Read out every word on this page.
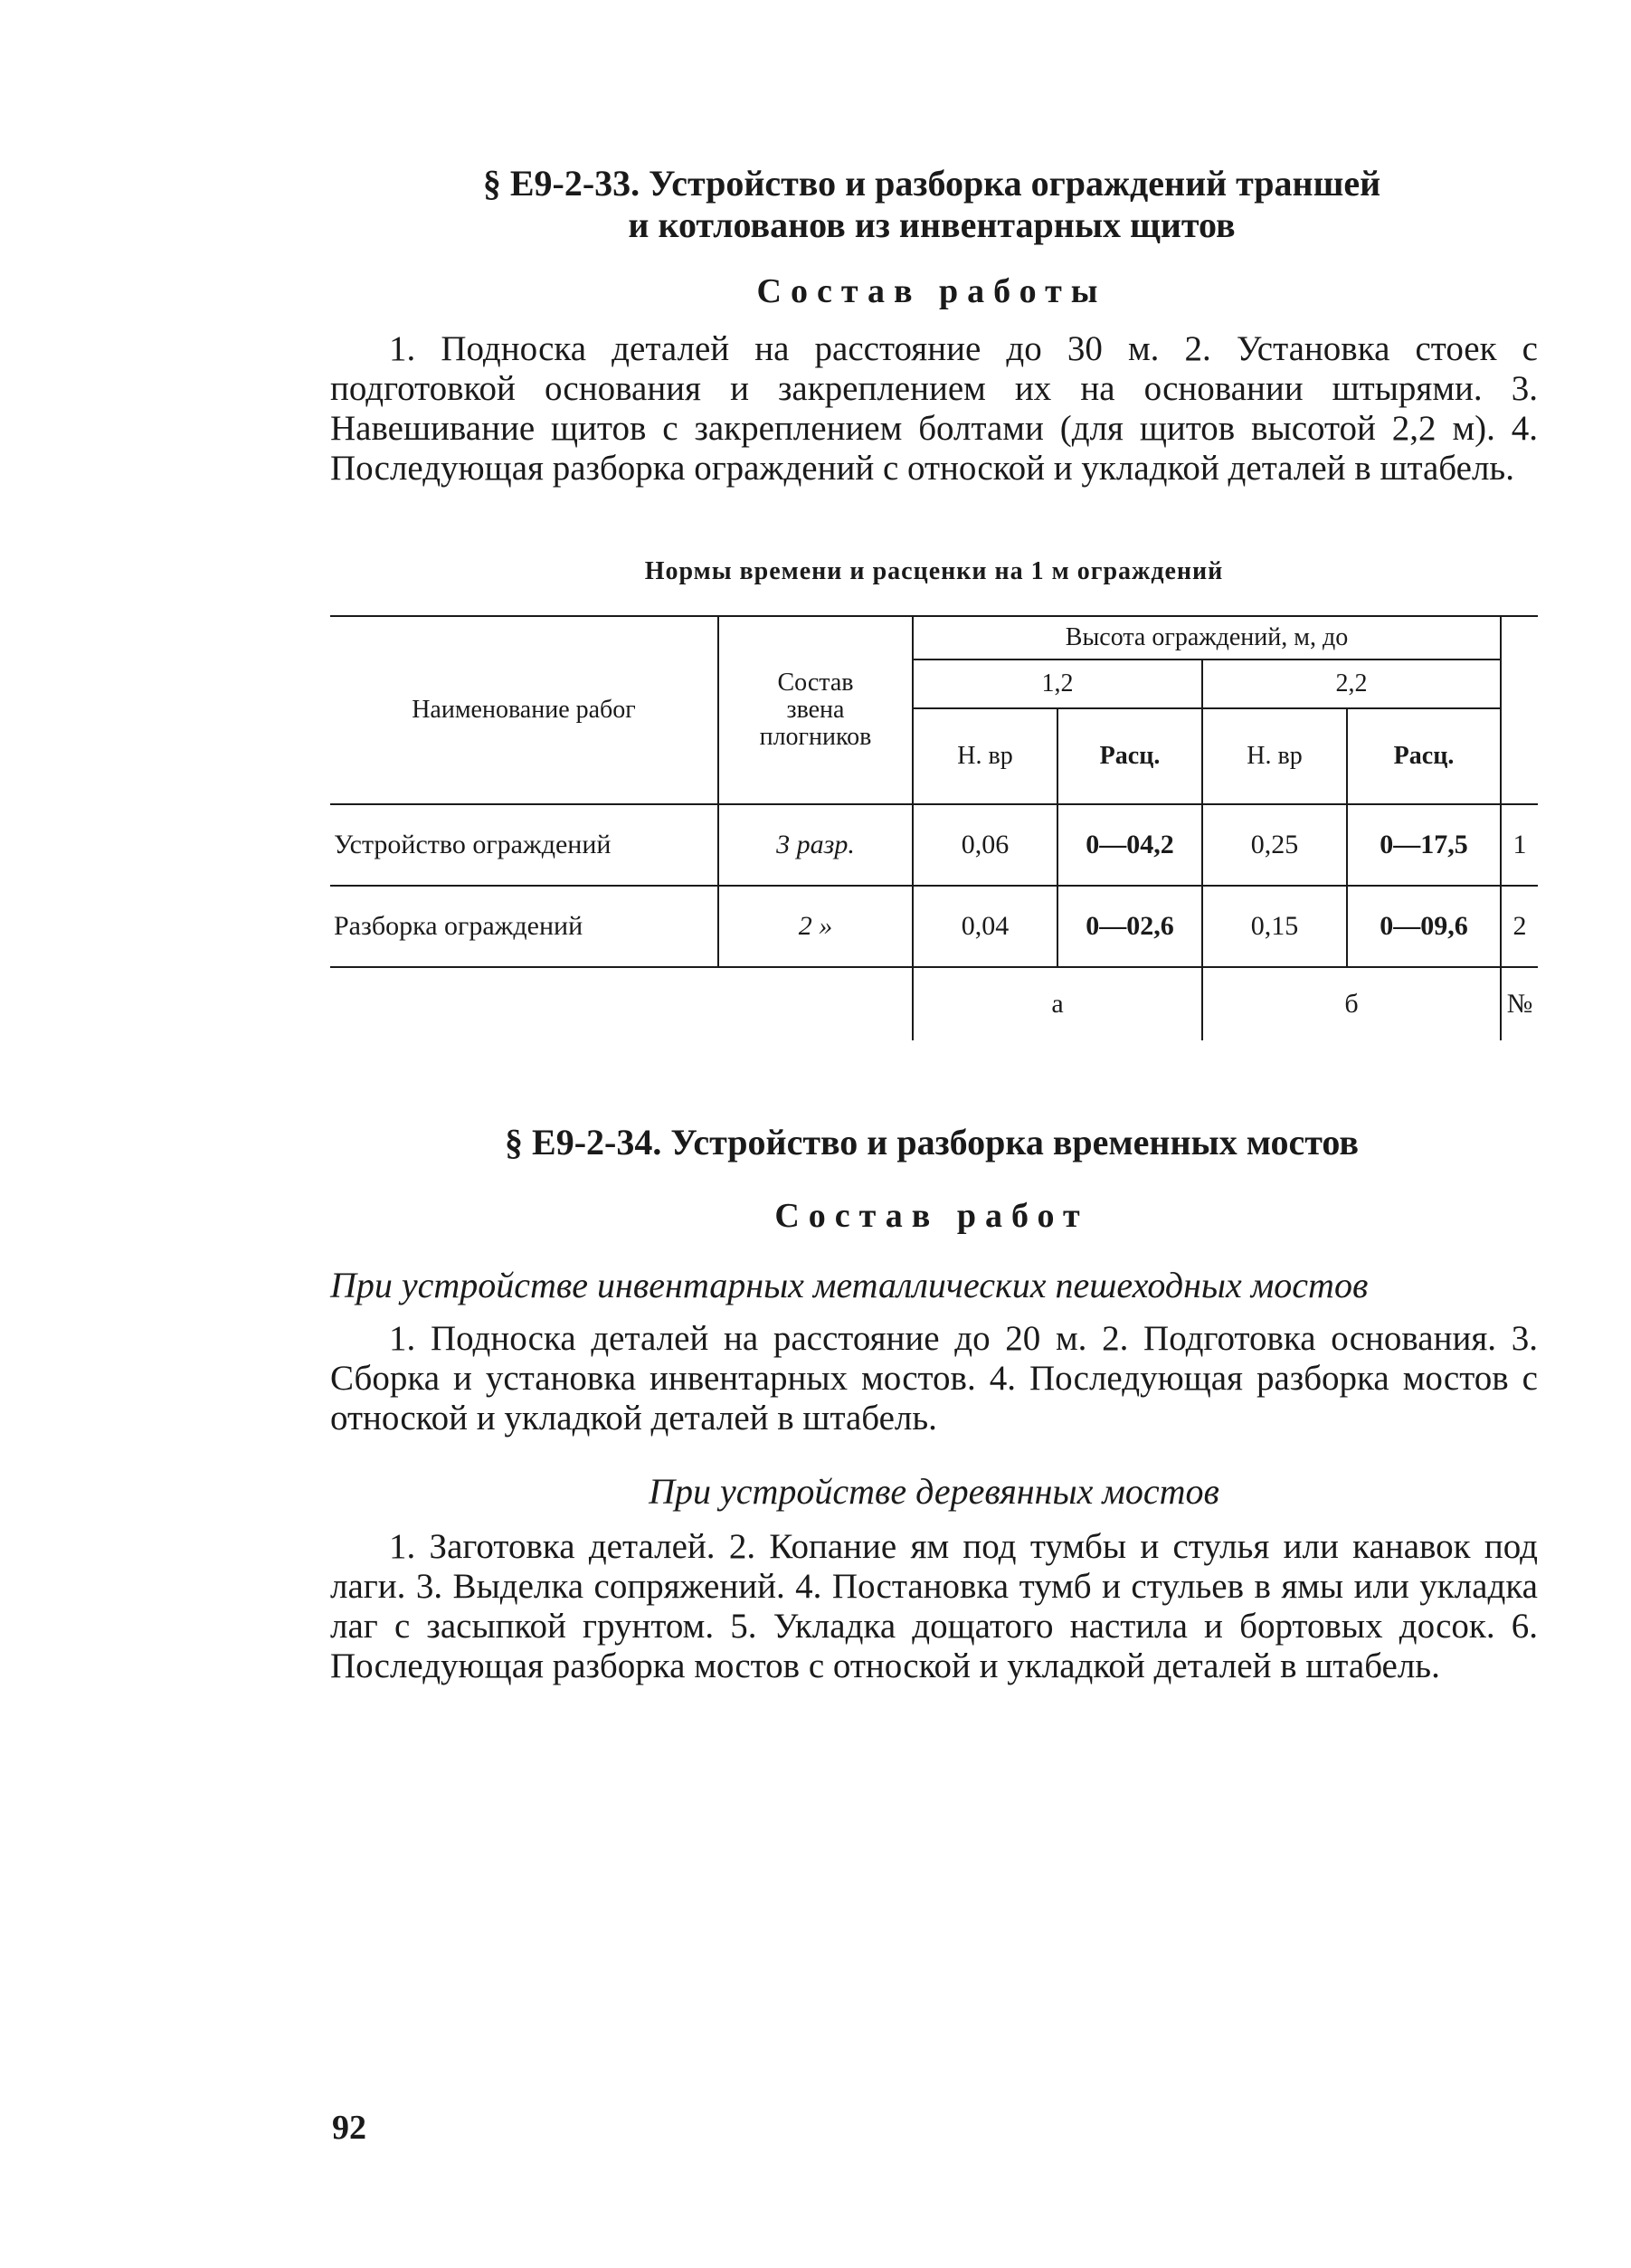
§ Е9-2-33. Устройство и разборка ограждений траншей
и котлованов из инвентарных щитов
Состав работы

1. Подноска деталей на расстояние до 30 м. 2. Установка стоек с подготовкой основания и закреплением их на основании штырями. 3. Навешивание щитов с закреплением болтами (для щитов высотой 2,2 м). 4. Последующая разборка ограждений с отноской и укладкой деталей в штабель.

Нормы времени и расценки на 1 м ограждений

Наименование рабог
Состав звена плогников
Высота ограждений, м, до
1,2	2,2
Н. вр	Расц.	Н. вр	Расц.
Устройство ограждений	3 разр.	0,06	0—04,2	0,25	0—17,5	1
Разборка ограждений	2 »	0,04	0—02,6	0,15	0—09,6	2
а	б	№
§ Е9-2-34. Устройство и разборка временных мостов
Состав работ

При устройстве инвентарных металлических пешеходных мостов

1. Подноска деталей на расстояние до 20 м. 2. Подготовка основания. 3. Сборка и установка инвентарных мостов. 4. Последующая разборка мостов с отноской и укладкой деталей в штабель.

При устройстве деревянных мостов

1. Заготовка деталей. 2. Копание ям под тумбы и стулья или канавок под лаги. 3. Выделка сопряжений. 4. Постановка тумб и стульев в ямы или укладка лаг с засыпкой грунтом. 5. Укладка дощатого настила и бортовых досок. 6. Последующая разборка мостов с отноской и укладкой деталей в штабель.

92
